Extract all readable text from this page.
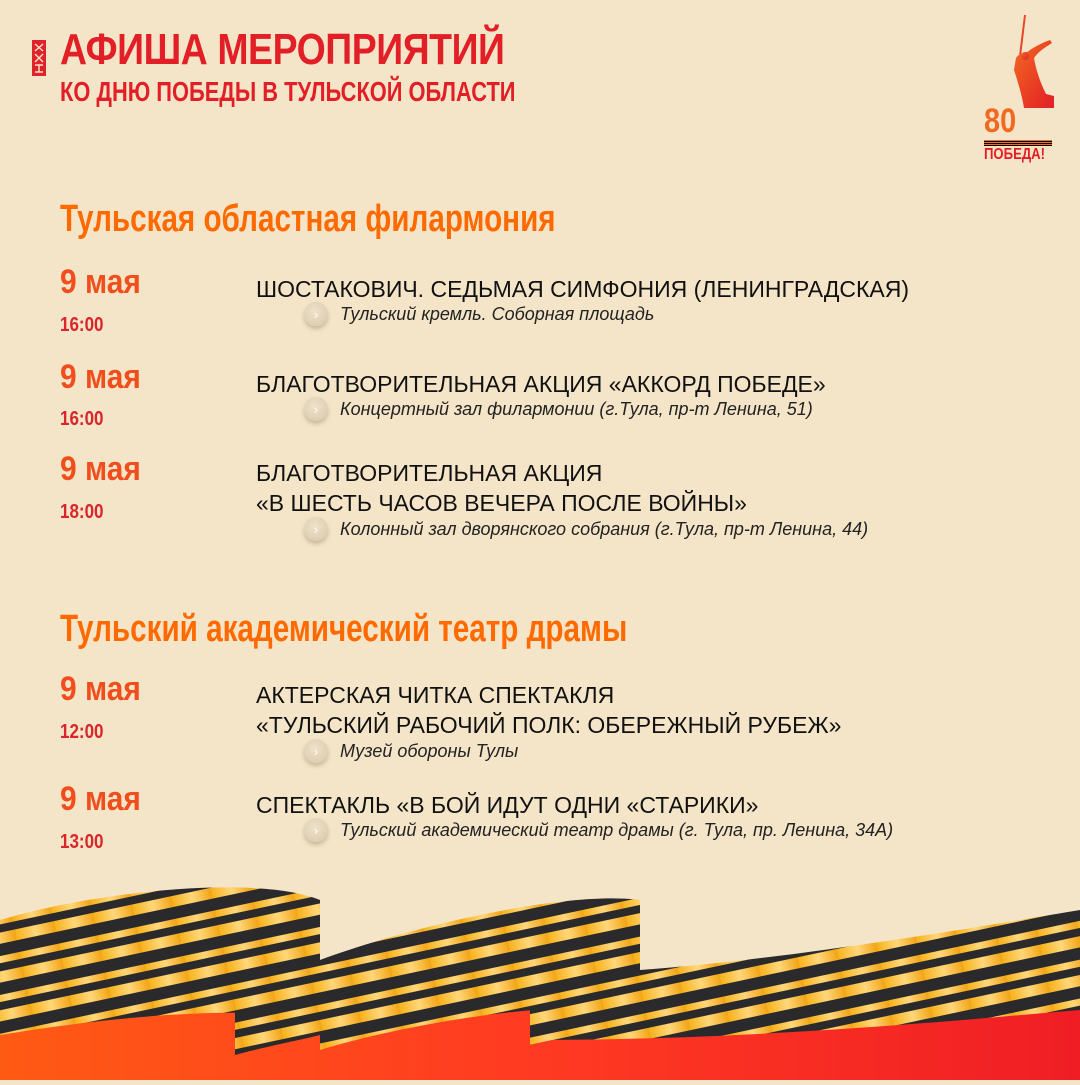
АФИША МЕРОПРИЯТИЙ
КО ДНЮ ПОБЕДЫ В ТУЛЬСКОЙ ОБЛАСТИ
80
ПОБЕДА!
Тульская областная филармония
9 мая
16:00
ШОСТАКОВИЧ. СЕДЬМАЯ СИМФОНИЯ (ЛЕНИНГРАДСКАЯ)
›	Тульский кремль. Соборная площадь
9 мая
16:00
БЛАГОТВОРИТЕЛЬНАЯ АКЦИЯ «АККОРД ПОБЕДЕ»
›	Концертный зал филармонии (г.Тула, пр-т Ленина, 51)
9 мая
18:00
БЛАГОТВОРИТЕЛЬНАЯ АКЦИЯ
«В ШЕСТЬ ЧАСОВ ВЕЧЕРА ПОСЛЕ ВОЙНЫ»
›	Колонный зал дворянского собрания (г.Тула, пр-т Ленина, 44)
Тульский академический театр драмы
9 мая
12:00
АКТЕРСКАЯ ЧИТКА СПЕКТАКЛЯ
«ТУЛЬСКИЙ РАБОЧИЙ ПОЛК: ОБЕРЕЖНЫЙ РУБЕЖ»
›	Музей обороны Тулы
9 мая
13:00
СПЕКТАКЛЬ «В БОЙ ИДУТ ОДНИ «СТАРИКИ»
›	Тульский академический театр драмы (г. Тула, пр. Ленина, 34А)
